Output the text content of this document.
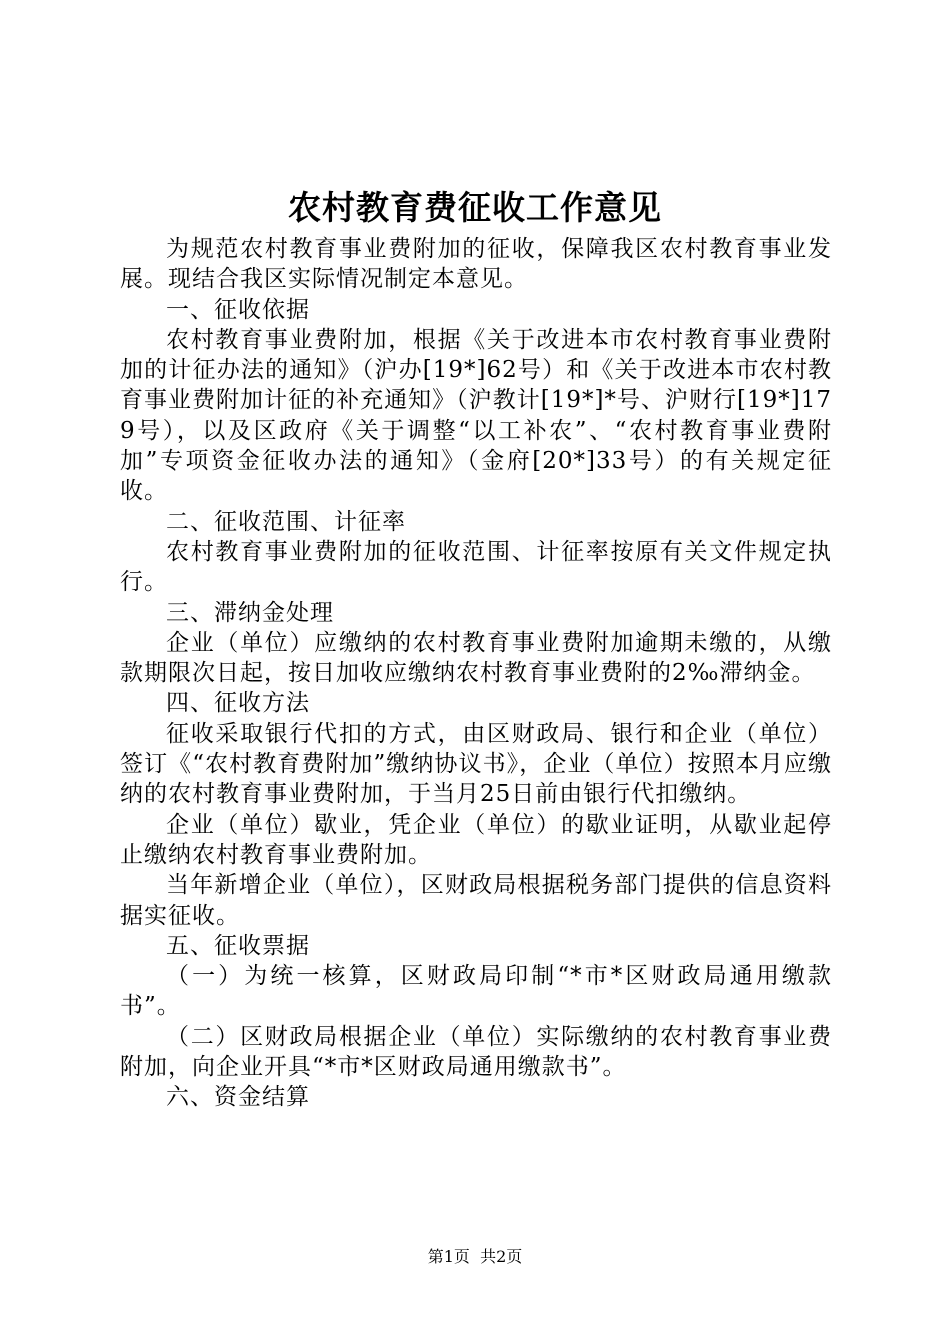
农村教育费征收工作意见

为规范农村教育事业费附加的征收，保障我区农村教育事业发展。现结合我区实际情况制定本意见。

一、征收依据

农村教育事业费附加，根据《关于改进本市农村教育事业费附加的计征办法的通知》（沪办[19*]62号）和《关于改进本市农村教育事业费附加计征的补充通知》（沪教计[19*]*号、沪财行[19*]179号），以及区政府《关于调整“以工补农”、“农村教育事业费附加”专项资金征收办法的通知》（金府[20*]33号）的有关规定征收。

二、征收范围、计征率

农村教育事业费附加的征收范围、计征率按原有关文件规定执行。

三、滞纳金处理

企业（单位）应缴纳的农村教育事业费附加逾期未缴的，从缴款期限次日起，按日加收应缴纳农村教育事业费附的2‰滞纳金。

四、征收方法

征收采取银行代扣的方式，由区财政局、银行和企业（单位）签订《“农村教育费附加”缴纳协议书》，企业（单位）按照本月应缴纳的农村教育事业费附加，于当月25日前由银行代扣缴纳。

企业（单位）歇业，凭企业（单位）的歇业证明，从歇业起停止缴纳农村教育事业费附加。

当年新增企业（单位），区财政局根据税务部门提供的信息资料据实征收。

五、征收票据

（一）为统一核算，区财政局印制“*市*区财政局通用缴款书”。

（二）区财政局根据企业（单位）实际缴纳的农村教育事业费附加，向企业开具“*市*区财政局通用缴款书”。

六、资金结算

第1页 共2页
